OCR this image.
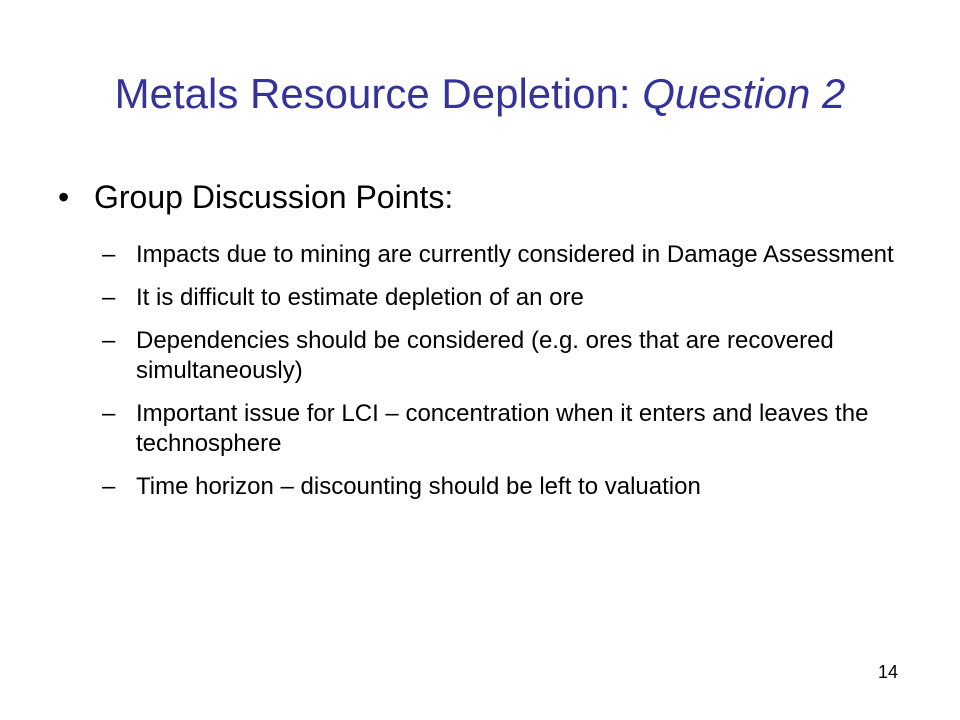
Metals Resource Depletion: Question 2
• Group Discussion Points:
– Impacts due to mining are currently considered in Damage Assessment
– It is difficult to estimate depletion of an ore
– Dependencies should be considered (e.g. ores that are recovered simultaneously)
– Important issue for LCI – concentration when it enters and leaves the technosphere
– Time horizon – discounting should be left to valuation
14
